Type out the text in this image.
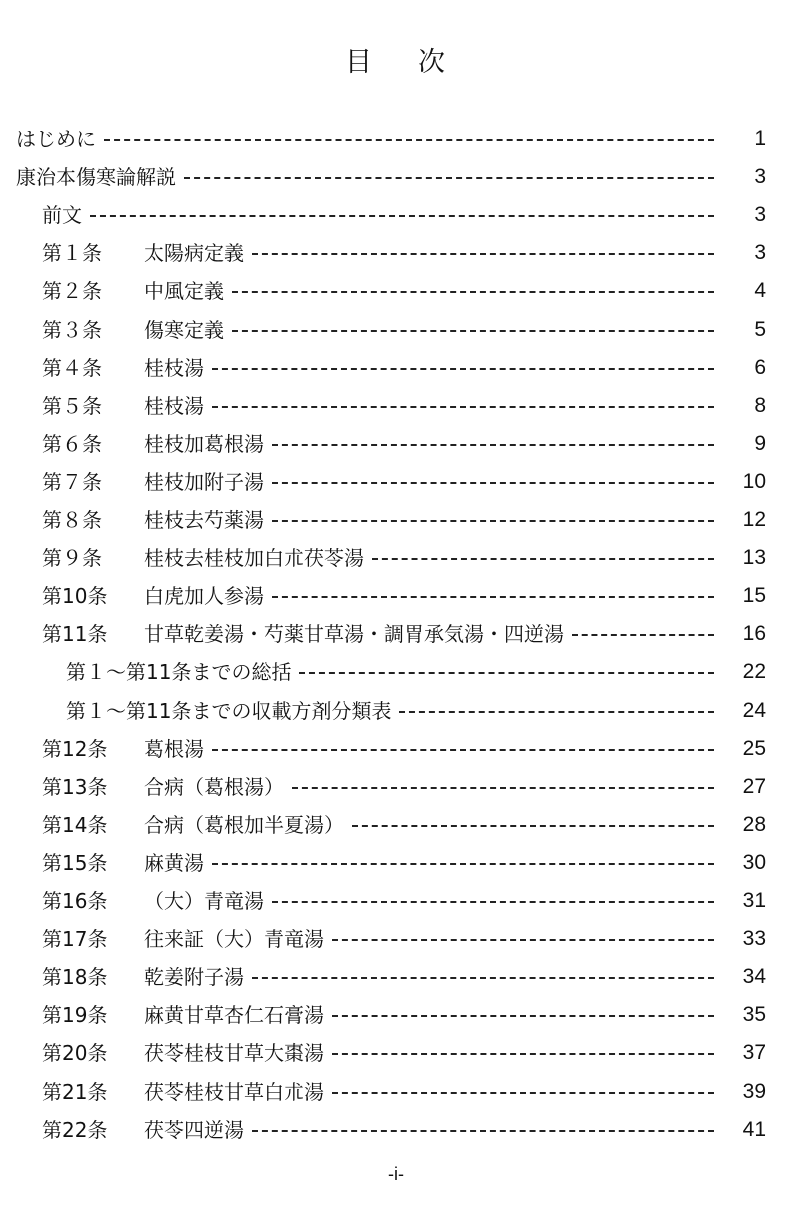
目 次
はじめに	1
康治本傷寒論解説	3
前文	3
第１条 太陽病定義	3
第２条 中風定義	4
第３条 傷寒定義	5
第４条 桂枝湯	6
第５条 桂枝湯	8
第６条 桂枝加葛根湯	9
第７条 桂枝加附子湯	10
第８条 桂枝去芍薬湯	12
第９条 桂枝去桂枝加白朮茯苓湯	13
第10条 白虎加人参湯	15
第11条 甘草乾姜湯・芍薬甘草湯・調胃承気湯・四逆湯	16
第１～第11条までの総括	22
第１～第11条までの収載方剤分類表	24
第12条 葛根湯	25
第13条 合病（葛根湯）	27
第14条 合病（葛根加半夏湯）	28
第15条 麻黄湯	30
第16条 （大）青竜湯	31
第17条 往来証（大）青竜湯	33
第18条 乾姜附子湯	34
第19条 麻黄甘草杏仁石膏湯	35
第20条 茯苓桂枝甘草大棗湯	37
第21条 茯苓桂枝甘草白朮湯	39
第22条 茯苓四逆湯	41
-i-
